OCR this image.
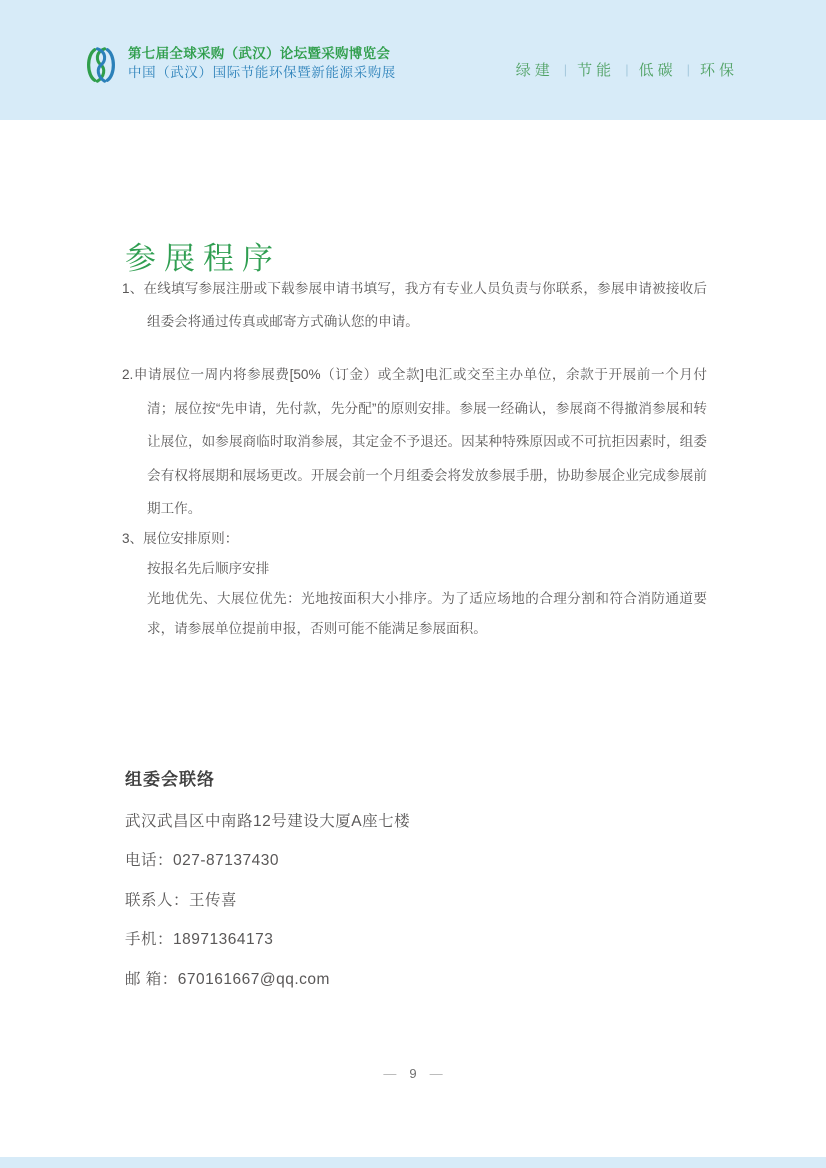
第七届全球采购（武汉）论坛暨采购博览会
中国（武汉）国际节能环保暨新能源采购展	绿建 | 节能 | 低碳 | 环保
参展程序
1、在线填写参展注册或下载参展申请书填写，我方有专业人员负责与你联系，参展申请被接收后组委会将通过传真或邮寄方式确认您的申请。
2.申请展位一周内将参展费[50%（订金）或全款]电汇或交至主办单位，余款于开展前一个月付清；展位按“先申请，先付款，先分配”的原则安排。参展一经确认，参展商不得撤消参展和转让展位，如参展商临时取消参展，其定金不予退还。因某种特殊原因或不可抗拒因素时，组委会有权将展期和展场更改。开展会前一个月组委会将发放参展手册，协助参展企业完成参展前期工作。
3、展位安排原则：
按报名先后顺序安排
光地优先、大展位优先：光地按面积大小排序。为了适应场地的合理分割和符合消防通道要求，请参展单位提前申报，否则可能不能满足参展面积。
组委会联络
武汉武昌区中南路12号建设大厦A座七楼
电话：027-87137430
联系人：王传喜
手机：18971364173
邮 箱：670161667@qq.com
— 9 —
